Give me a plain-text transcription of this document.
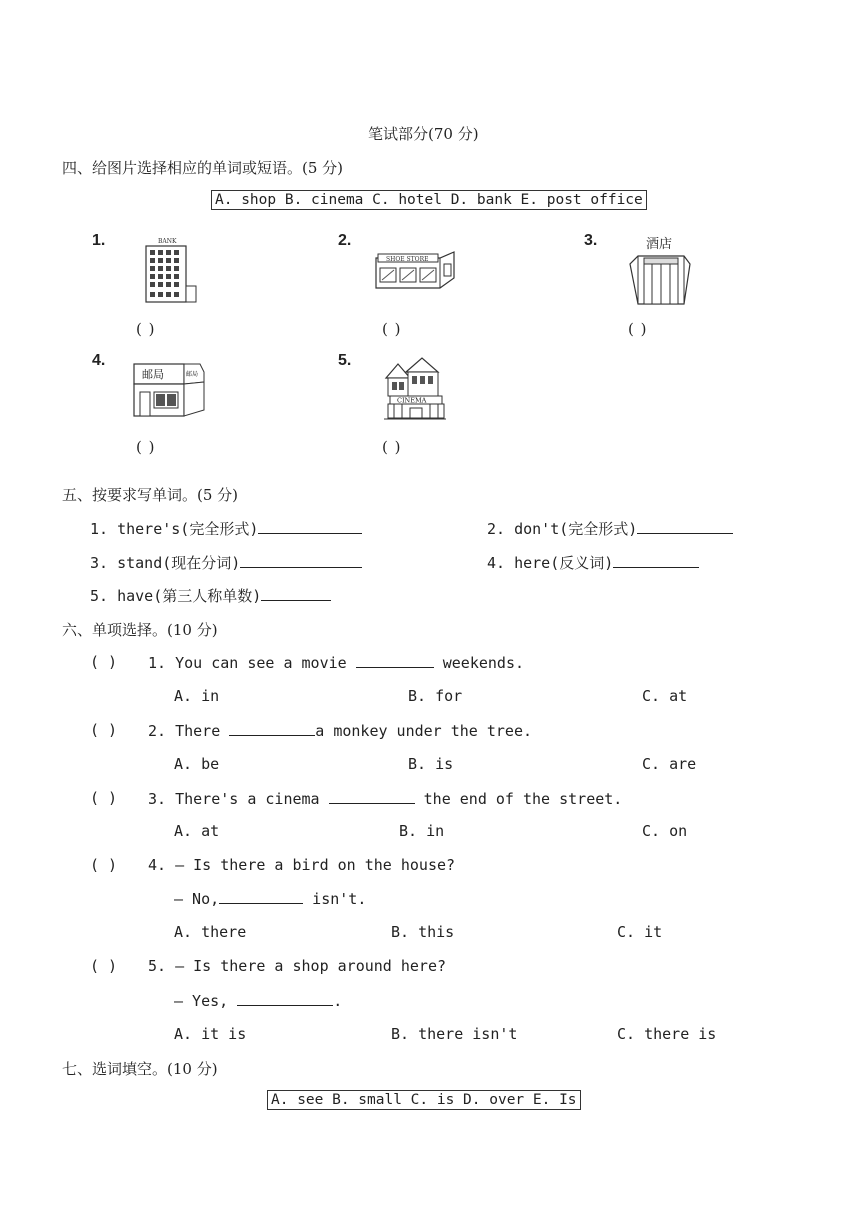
笔试部分(70 分)
四、给图片选择相应的单词或短语。(5 分)
A. shop B. cinema C. hotel D. bank E. post office
1.	BANK
( )
2.
SHOE STORE
( )
3.	酒店
( )
4.
邮局	邮局
( )
5.
CINEMA
( )
五、按要求写单词。(5 分)
1. there's(完全形式)	2. don't(完全形式)
3. stand(现在分词)	4. here(反义词)
5. have(第三人称单数)
六、单项选择。(10 分)
( ) 1. You can see a movie	weekends.
A. in	B. for	C. at
( ) 2. There	a monkey under the tree.
A. be	B. is	C. are
( ) 3. There's a cinema	the end of the street.
A. at	B. in	C. on
( ) 4. — Is there a bird on the house?
— No,	isn't.
A. there	B. this	C. it
( ) 5. — Is there a shop around here?
— Yes,	.
A. it is	B. there isn't	C. there is
七、选词填空。(10 分)
A. see B. small C. is D. over E. Is
